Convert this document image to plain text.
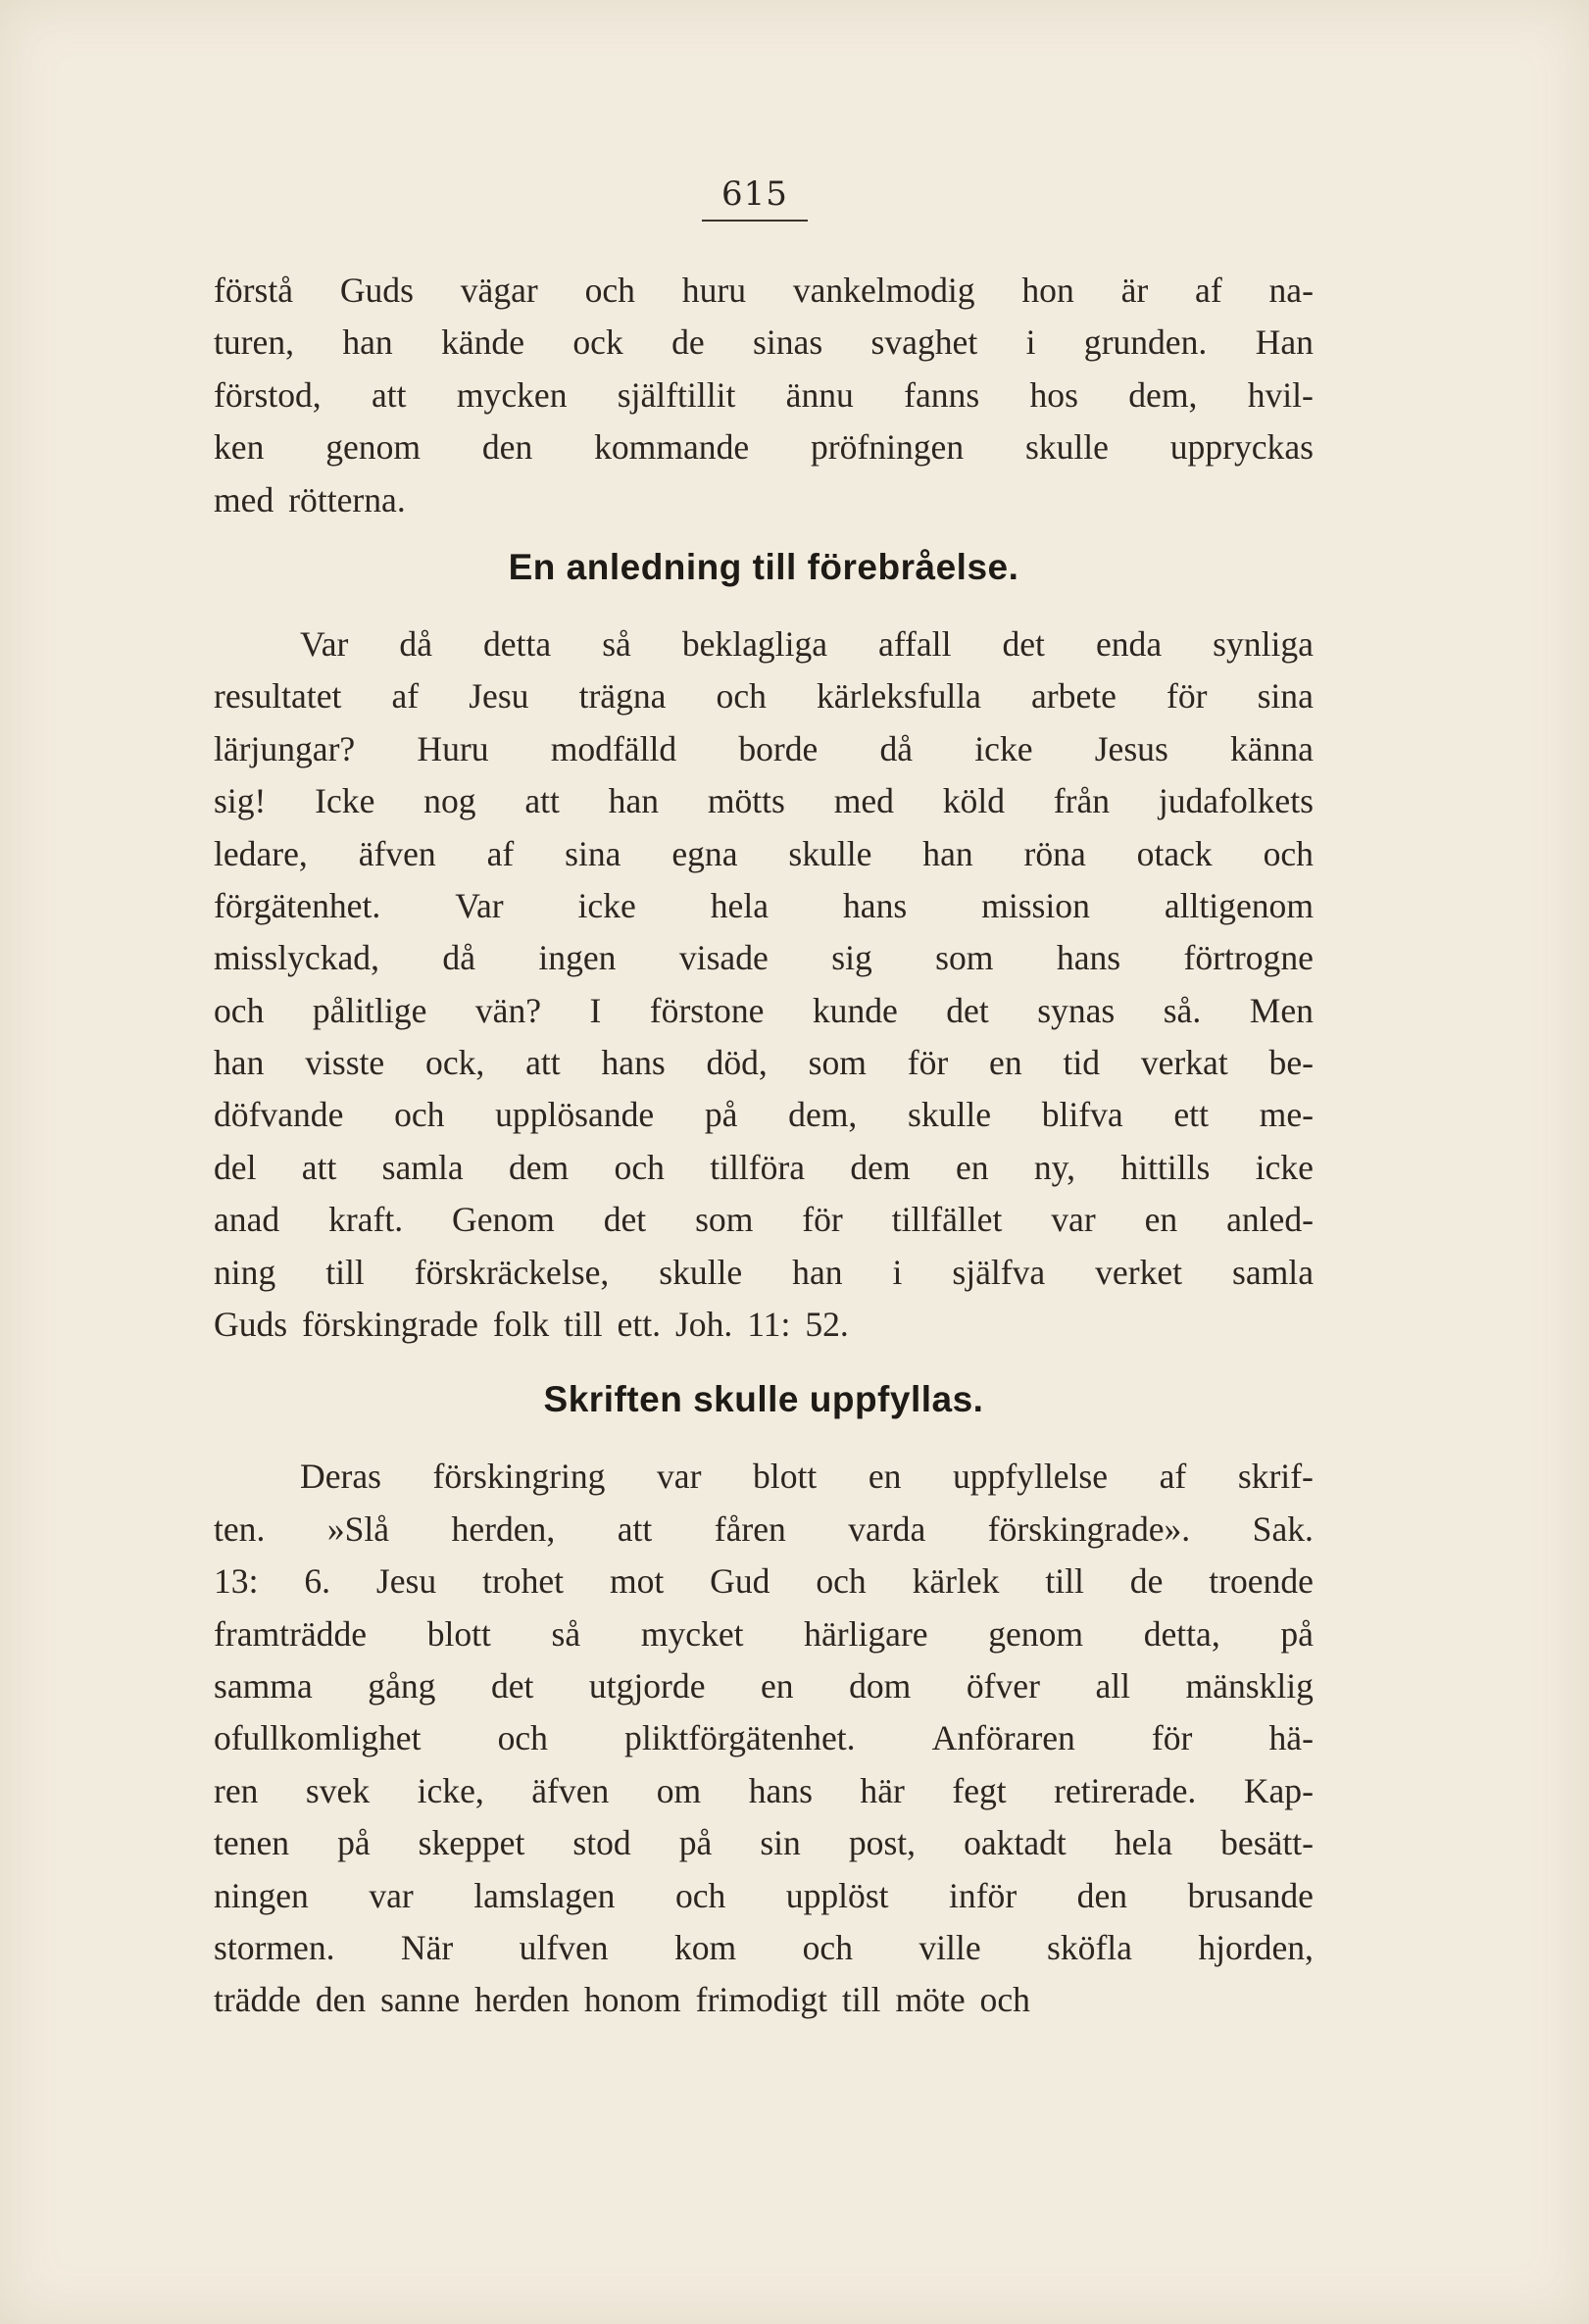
615
förstå Guds vägar och huru vankelmodig hon är af na-
turen, han kände ock de sinas svaghet i grunden. Han
förstod, att mycken själftillit ännu fanns hos dem, hvil-
ken genom den kommande pröfningen skulle uppryckas
med rötterna.
En anledning till förebråelse.
Var då detta så beklagliga affall det enda synliga
resultatet af Jesu trägna och kärleksfulla arbete för sina
lärjungar? Huru modfälld borde då icke Jesus känna
sig! Icke nog att han mötts med köld från judafolkets
ledare, äfven af sina egna skulle han röna otack och
förgätenhet. Var icke hela hans mission alltigenom
misslyckad, då ingen visade sig som hans förtrogne
och pålitlige vän? I förstone kunde det synas så. Men
han visste ock, att hans död, som för en tid verkat be-
döfvande och upplösande på dem, skulle blifva ett me-
del att samla dem och tillföra dem en ny, hittills icke
anad kraft. Genom det som för tillfället var en anled-
ning till förskräckelse, skulle han i själfva verket samla
Guds förskingrade folk till ett. Joh. 11: 52.
Skriften skulle uppfyllas.
Deras förskingring var blott en uppfyllelse af skrif-
ten. »Slå herden, att fåren varda förskingrade». Sak.
13: 6. Jesu trohet mot Gud och kärlek till de troende
framträdde blott så mycket härligare genom detta, på
samma gång det utgjorde en dom öfver all mänsklig
ofullkomlighet och pliktförgätenhet. Anföraren för hä-
ren svek icke, äfven om hans här fegt retirerade. Kap-
tenen på skeppet stod på sin post, oaktadt hela besätt-
ningen var lamslagen och upplöst inför den brusande
stormen. När ulfven kom och ville sköfla hjorden,
trädde den sanne herden honom frimodigt till möte och
